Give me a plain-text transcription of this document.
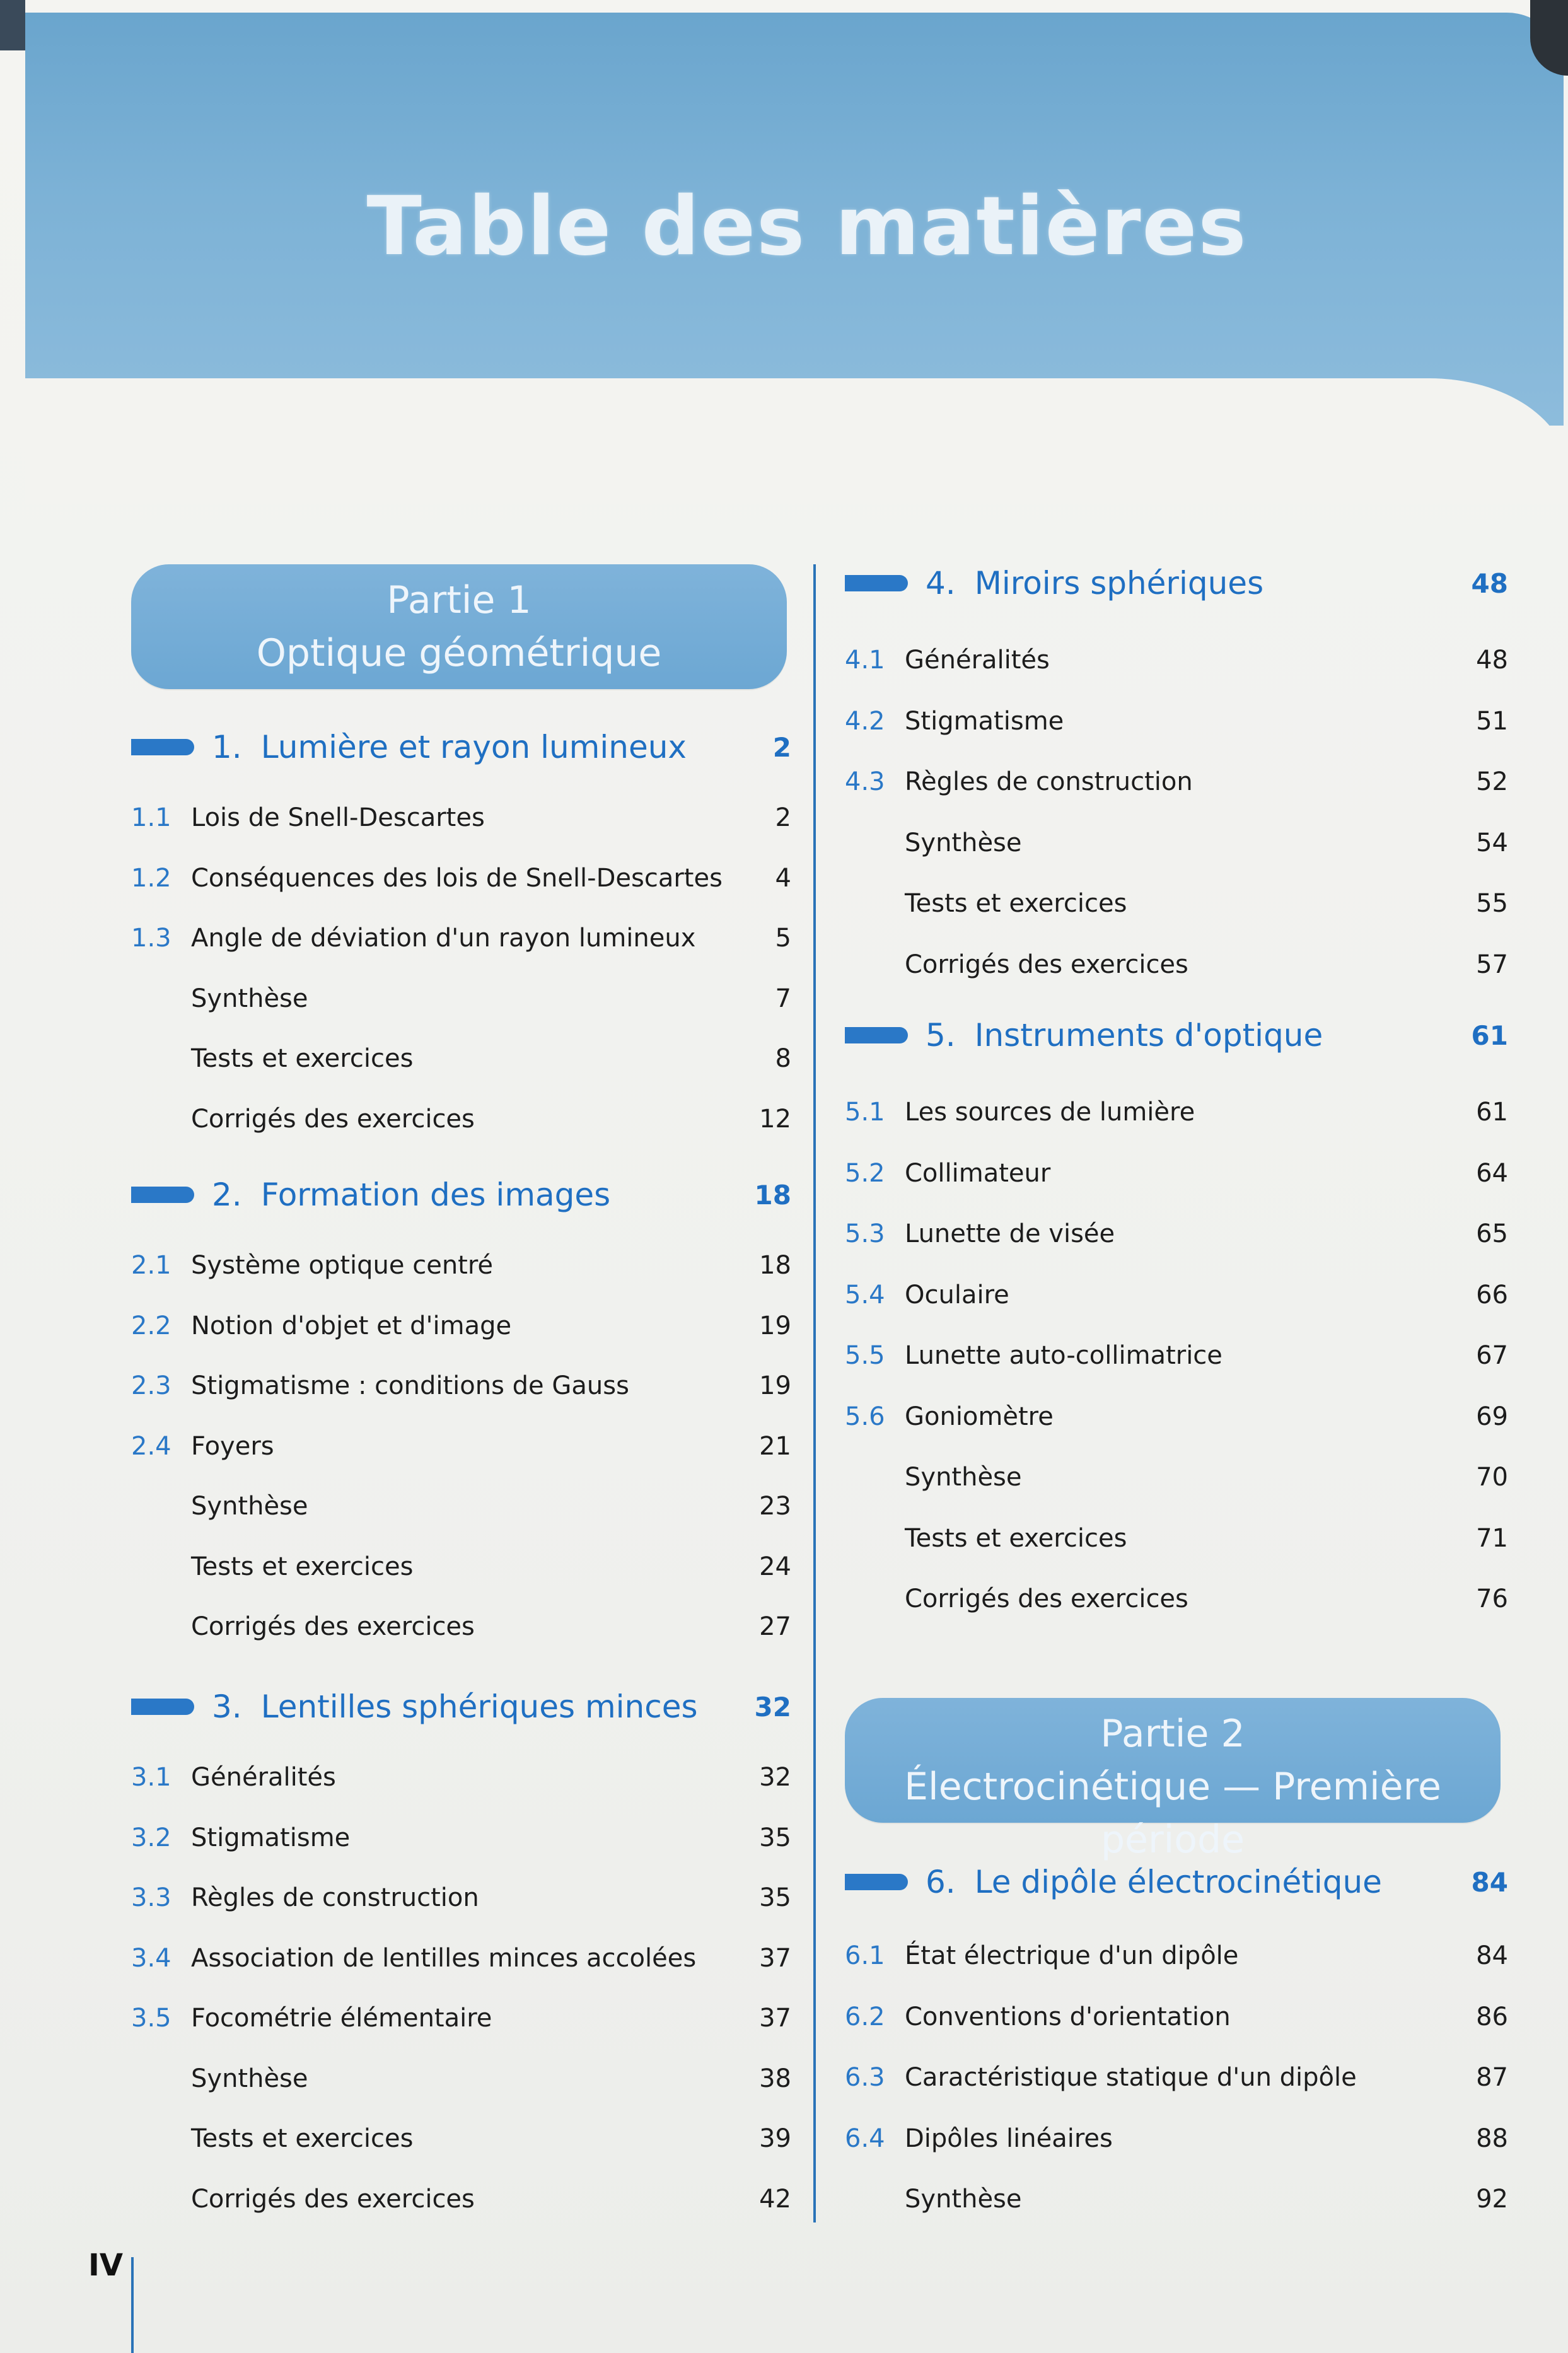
Table des matières
Partie 1
Optique géométrique
1. Lumière et rayon lumineux	2
1.1 Lois de Snell-Descartes	2
1.2 Conséquences des lois de Snell-Descartes	4
1.3 Angle de déviation d'un rayon lumineux	5
Synthèse	7
Tests et exercices	8
Corrigés des exercices	12
2. Formation des images	18
2.1 Système optique centré	18
2.2 Notion d'objet et d'image	19
2.3 Stigmatisme : conditions de Gauss	19
2.4 Foyers	21
Synthèse	23
Tests et exercices	24
Corrigés des exercices	27
3. Lentilles sphériques minces	32
3.1 Généralités	32
3.2 Stigmatisme	35
3.3 Règles de construction	35
3.4 Association de lentilles minces accolées	37
3.5 Focométrie élémentaire	37
Synthèse	38
Tests et exercices	39
Corrigés des exercices	42
4. Miroirs sphériques	48
4.1 Généralités	48
4.2 Stigmatisme	51
4.3 Règles de construction	52
Synthèse	54
Tests et exercices	55
Corrigés des exercices	57
5. Instruments d'optique	61
5.1 Les sources de lumière	61
5.2 Collimateur	64
5.3 Lunette de visée	65
5.4 Oculaire	66
5.5 Lunette auto-collimatrice	67
5.6 Goniomètre	69
Synthèse	70
Tests et exercices	71
Corrigés des exercices	76
Partie 2
Électrocinétique — Première période
6. Le dipôle électrocinétique	84
6.1 État électrique d'un dipôle	84
6.2 Conventions d'orientation	86
6.3 Caractéristique statique d'un dipôle	87
6.4 Dipôles linéaires	88
Synthèse	92
IV
